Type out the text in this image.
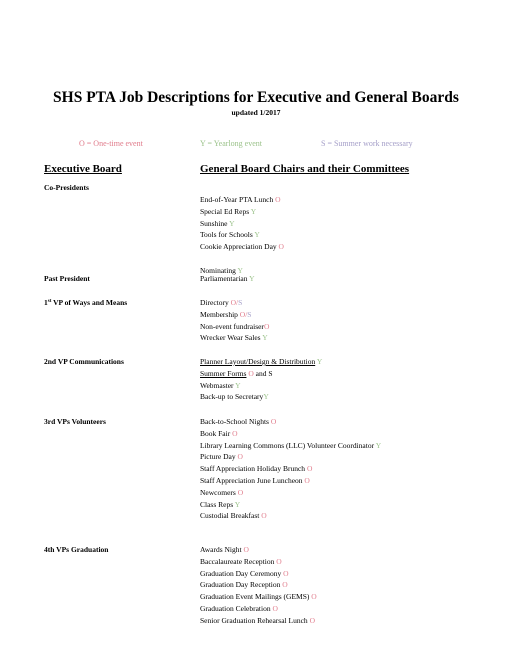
SHS PTA Job Descriptions for Executive and General Boards
updated 1/2017
O = One-time event	Y = Yearlong event	S = Summer work necessary
Executive Board	General Board Chairs and their Committees
Co-Presidents
End-of-Year PTA Lunch O
Special Ed Reps Y
Sunshine Y
Tools for Schools Y
Cookie Appreciation Day O
Nominating Y
Past President	Parliamentarian Y
1st VP of Ways and Means	Directory O/S
Membership O/S
Non-event fundraiserO
Wrecker Wear Sales Y
2nd VP Communications	Planner Layout/Design & Distribution Y
Summer Forms O and S
Webmaster Y
Back-up to SecretaryY
3rd VPs Volunteers	Back-to-School Nights O
Book Fair O
Library Learning Commons (LLC) Volunteer Coordinator Y
Picture Day O
Staff Appreciation Holiday Brunch O
Staff Appreciation June Luncheon O
Newcomers O
Class Reps Y
Custodial Breakfast O
4th VPs Graduation	Awards Night O
Baccalaureate Reception O
Graduation Day Ceremony O
Graduation Day Reception O
Graduation Event Mailings (GEMS) O
Graduation Celebration O
Senior Graduation Rehearsal Lunch O
